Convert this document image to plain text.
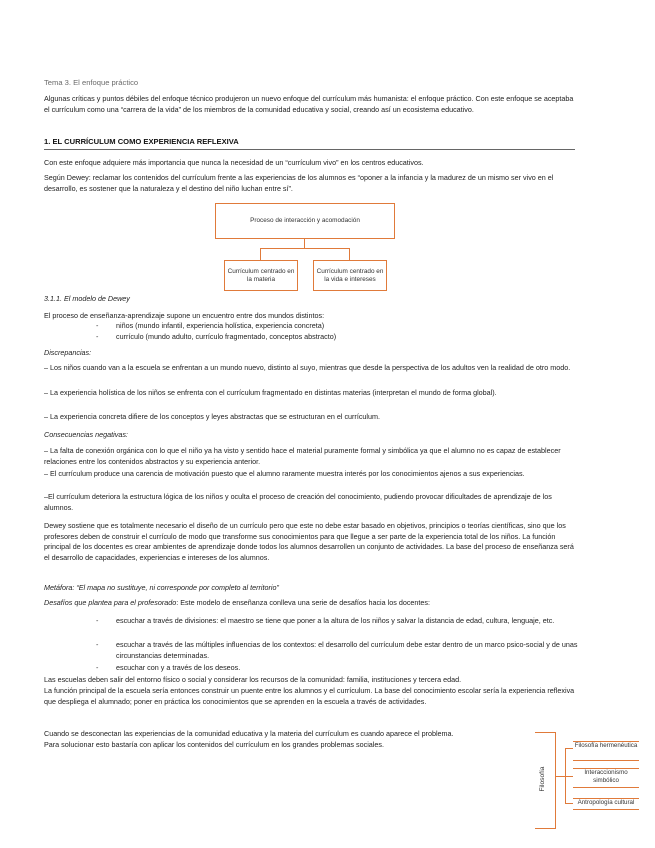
Tema 3. El enfoque práctico
Algunas críticas y puntos débiles del enfoque técnico produjeron un nuevo enfoque del currículum más humanista: el enfoque práctico. Con este enfoque se aceptaba el currículum como una “carrera de la vida” de los miembros de la comunidad educativa y social, creando así un ecosistema educativo.
1. EL CURRÍCULUM COMO EXPERIENCIA REFLEXIVA
Con este enfoque adquiere más importancia que nunca la necesidad de un “currículum vivo” en los centros educativos.
Según Dewey: reclamar los contenidos del currículum frente a las experiencias de los alumnos es “oponer a la infancia y la madurez de un mismo ser vivo en el desarrollo, es sostener que la naturaleza y el destino del niño luchan entre sí”.
Proceso de interacción y acomodación
Currículum centrado en la materia
Currículum centrado en la vida e intereses
3.1.1. El modelo de Dewey
El proceso de enseñanza-aprendizaje supone un encuentro entre dos mundos distintos:
- niños (mundo infantil, experiencia holística, experiencia concreta)
- currículo (mundo adulto, currículo fragmentado, conceptos abstracto)
Discrepancias:
– Los niños cuando van a la escuela se enfrentan a un mundo nuevo, distinto al suyo, mientras que desde la perspectiva de los adultos ven la realidad de otro modo.
– La experiencia holística de los niños se enfrenta con el currículum fragmentado en distintas materias (interpretan el mundo de forma global).
– La experiencia concreta difiere de los conceptos y leyes abstractas que se estructuran en el currículum.
Consecuencias negativas:
– La falta de conexión orgánica con lo que el niño ya ha visto y sentido hace el material puramente formal y simbólica ya que el alumno no es capaz de establecer relaciones entre los contenidos abstractos y su experiencia anterior.
– El currículum produce una carencia de motivación puesto que el alumno raramente muestra interés por los conocimientos ajenos a sus experiencias.
–El currículum deteriora la estructura lógica de los niños y oculta el proceso de creación del conocimiento, pudiendo provocar dificultades de aprendizaje de los alumnos.
Dewey sostiene que es totalmente necesario el diseño de un currículo pero que este no debe estar basado en objetivos, principios o teorías científicas, sino que los profesores deben de construir el currículo de modo que transforme sus conocimientos para que llegue a ser parte de la experiencia total de los niños. La función principal de los docentes es crear ambientes de aprendizaje donde todos los alumnos desarrollen un conjunto de actividades. La base del proceso de enseñanza será el desarrollo de capacidades, experiencias e intereses de los alumnos.
Metáfora: “El mapa no sustituye, ni corresponde por completo al territorio”
Desafíos que plantea para el profesorado: Este modelo de enseñanza conlleva una serie de desafíos hacia los docentes:
- escuchar a través de divisiones: el maestro se tiene que poner a la altura de los niños y salvar la distancia de edad, cultura, lenguaje, etc.
- escuchar a través de las múltiples influencias de los contextos: el desarrollo del currículum debe estar dentro de un marco psico-social y de unas circunstancias determinadas.
- escuchar con y a través de los deseos.
Las escuelas deben salir del entorno físico o social y considerar los recursos de la comunidad: familia, instituciones y tercera edad.
La función principal de la escuela sería entonces construir un puente entre los alumnos y el currículum. La base del conocimiento escolar sería la experiencia reflexiva que despliega el alumnado; poner en práctica los conocimientos que se aprenden en la escuela a través de actividades.
Cuando se desconectan las experiencias de la comunidad educativa y la materia del currículum es cuando aparece el problema.
Para solucionar esto bastaría con aplicar los contenidos del currículum en los grandes problemas sociales.
Filosofía
Filosofía hermenéutica
Interaccionismo simbólico
Antropología cultural
